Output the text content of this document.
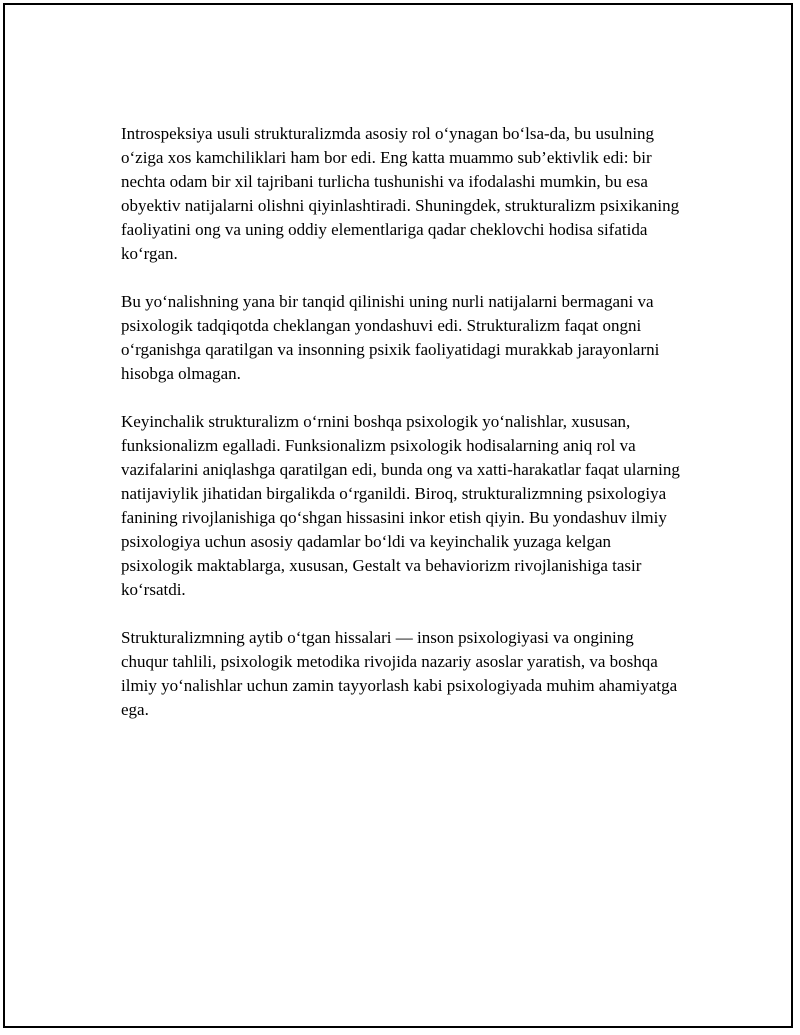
Introspeksiya usuli strukturalizmda asosiy rol o‘ynagan bo‘lsa-da, bu usulning o‘ziga xos kamchiliklari ham bor edi. Eng katta muammo sub’ektivlik edi: bir nechta odam bir xil tajribani turlicha tushunishi va ifodalashi mumkin, bu esa obyektiv natijalarni olishni qiyinlashtiradi. Shuningdek, strukturalizm psixikaning faoliyatini ong va uning oddiy elementlariga qadar cheklovchi hodisa sifatida ko‘rgan.

Bu yo‘nalishning yana bir tanqid qilinishi uning nurli natijalarni bermagani va psixologik tadqiqotda cheklangan yondashuvi edi. Strukturalizm faqat ongni o‘rganishga qaratilgan va insonning psixik faoliyatidagi murakkab jarayonlarni hisobga olmagan.

Keyinchalik strukturalizm o‘rnini boshqa psixologik yo‘nalishlar, xususan, funksionalizm egalladi. Funksionalizm psixologik hodisalarning aniq rol va vazifalarini aniqlashga qaratilgan edi, bunda ong va xatti-harakatlar faqat ularning natijaviylik jihatidan birgalikda o‘rganildi. Biroq, strukturalizmning psixologiya fanining rivojlanishiga qo‘shgan hissasini inkor etish qiyin. Bu yondashuv ilmiy psixologiya uchun asosiy qadamlar bo‘ldi va keyinchalik yuzaga kelgan psixologik maktablarga, xususan, Gestalt va behaviorizm rivojlanishiga tasir ko‘rsatdi.

Strukturalizmning aytib o‘tgan hissalari — inson psixologiyasi va ongining chuqur tahlili, psixologik metodika rivojida nazariy asoslar yaratish, va boshqa ilmiy yo‘nalishlar uchun zamin tayyorlash kabi psixologiyada muhim ahamiyatga ega.
